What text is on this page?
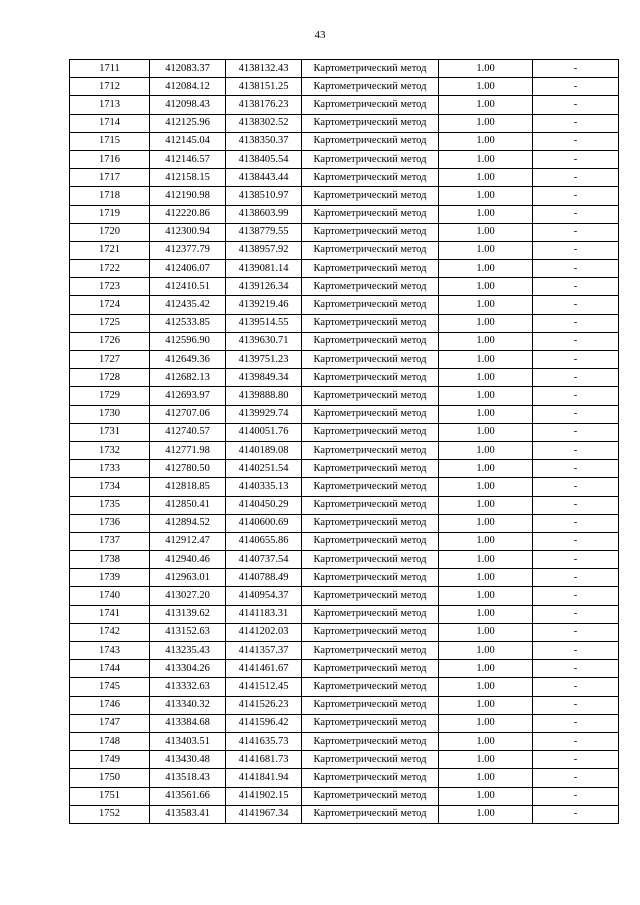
43
1711	412083.37	4138132.43	Картометрический метод	1.00	-
1712	412084.12	4138151.25	Картометрический метод	1.00	-
1713	412098.43	4138176.23	Картометрический метод	1.00	-
1714	412125.96	4138302.52	Картометрический метод	1.00	-
1715	412145.04	4138350.37	Картометрический метод	1.00	-
1716	412146.57	4138405.54	Картометрический метод	1.00	-
1717	412158.15	4138443.44	Картометрический метод	1.00	-
1718	412190.98	4138510.97	Картометрический метод	1.00	-
1719	412220.86	4138603.99	Картометрический метод	1.00	-
1720	412300.94	4138779.55	Картометрический метод	1.00	-
1721	412377.79	4138957.92	Картометрический метод	1.00	-
1722	412406.07	4139081.14	Картометрический метод	1.00	-
1723	412410.51	4139126.34	Картометрический метод	1.00	-
1724	412435.42	4139219.46	Картометрический метод	1.00	-
1725	412533.85	4139514.55	Картометрический метод	1.00	-
1726	412596.90	4139630.71	Картометрический метод	1.00	-
1727	412649.36	4139751.23	Картометрический метод	1.00	-
1728	412682.13	4139849.34	Картометрический метод	1.00	-
1729	412693.97	4139888.80	Картометрический метод	1.00	-
1730	412707.06	4139929.74	Картометрический метод	1.00	-
1731	412740.57	4140051.76	Картометрический метод	1.00	-
1732	412771.98	4140189.08	Картометрический метод	1.00	-
1733	412780.50	4140251.54	Картометрический метод	1.00	-
1734	412818.85	4140335.13	Картометрический метод	1.00	-
1735	412850.41	4140450.29	Картометрический метод	1.00	-
1736	412894.52	4140600.69	Картометрический метод	1.00	-
1737	412912.47	4140655.86	Картометрический метод	1.00	-
1738	412940.46	4140737.54	Картометрический метод	1.00	-
1739	412963.01	4140788.49	Картометрический метод	1.00	-
1740	413027.20	4140954.37	Картометрический метод	1.00	-
1741	413139.62	4141183.31	Картометрический метод	1.00	-
1742	413152.63	4141202.03	Картометрический метод	1.00	-
1743	413235.43	4141357.37	Картометрический метод	1.00	-
1744	413304.26	4141461.67	Картометрический метод	1.00	-
1745	413332.63	4141512.45	Картометрический метод	1.00	-
1746	413340.32	4141526.23	Картометрический метод	1.00	-
1747	413384.68	4141596.42	Картометрический метод	1.00	-
1748	413403.51	4141635.73	Картометрический метод	1.00	-
1749	413430.48	4141681.73	Картометрический метод	1.00	-
1750	413518.43	4141841.94	Картометрический метод	1.00	-
1751	413561.66	4141902.15	Картометрический метод	1.00	-
1752	413583.41	4141967.34	Картометрический метод	1.00	-
